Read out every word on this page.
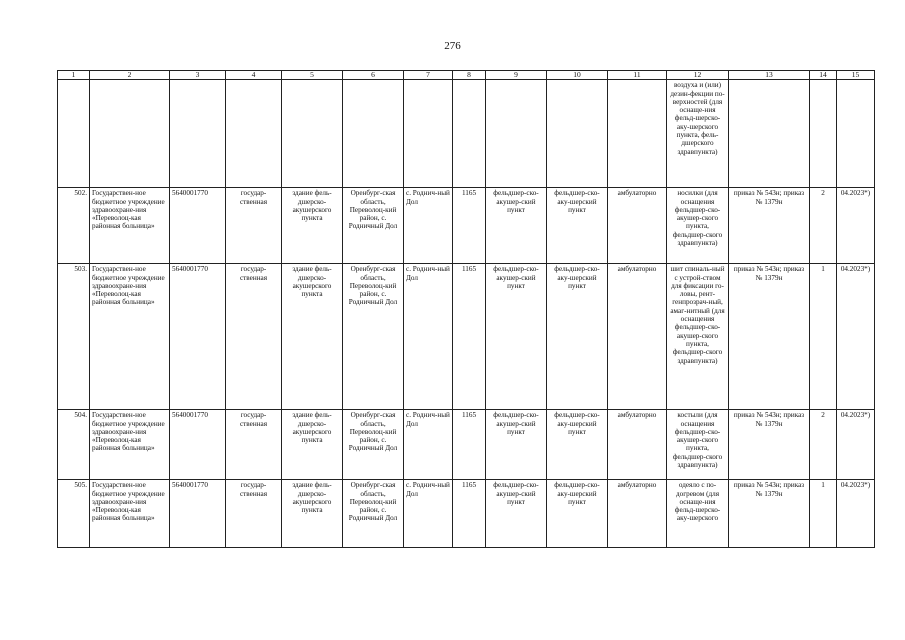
276
1	2	3	4	5	6	7	8	9	10	11	12	13	14	15
											воздуха и (или) дезин-фекции по-верхностей (для оснаще-ния фельд-шерско-аку-шерского пункта, фель-дшерского здравпункта)			
502.	Государствен-ное бюджетное учреждение здравоохране-ния «Переволоц-кая районная больница»	5640001770	государ-ственная	здание фель-дшерско-акушерского пункта	Оренбург-ская область, Переволоц-кий район, с. Родничный Дол	с. Роднич-ный Дол	1165	фельдшер-ско-акушер-ский пункт	фельдшер-ско-аку-шерский пункт	амбулаторно	носилки (для оснащения фельдшер-ско-акушер-ского пункта, фельдшер-ского здравпункта)	приказ № 543н; приказ № 1379н	2	04.2023*)
503.	Государствен-ное бюджетное учреждение здравоохране-ния «Переволоц-кая районная больница»	5640001770	государ-ственная	здание фель-дшерско-акушерского пункта	Оренбург-ская область, Переволоц-кий район, с. Родничный Дол	с. Роднич-ный Дол	1165	фельдшер-ско-акушер-ский пункт	фельдшер-ско-аку-шерский пункт	амбулаторно	шит спиналь-ный с устрой-ством для фиксации го-ловы, рент-генпрозрач-ный, амаг-нитный (для оснащения фельдшер-ско-акушер-ского пункта, фельдшер-ского здравпункта)	приказ № 543н; приказ № 1379н	1	04.2023*)
504.	Государствен-ное бюджетное учреждение здравоохране-ния «Переволоц-кая районная больница»	5640001770	государ-ственная	здание фель-дшерско-акушерского пункта	Оренбург-ская область, Переволоц-кий район, с. Родничный Дол	с. Роднич-ный Дол	1165	фельдшер-ско-акушер-ский пункт	фельдшер-ско-аку-шерский пункт	амбулаторно	костыли (для оснащения фельдшер-ско-акушер-ского пункта, фельдшер-ского здравпункта)	приказ № 543н; приказ № 1379н	2	04.2023*)
505.	Государствен-ное бюджетное учреждение здравоохране-ния «Переволоц-кая районная больница»	5640001770	государ-ственная	здание фель-дшерско-акушерского пункта	Оренбург-ская область, Переволоц-кий район, с. Родничный Дол	с. Роднич-ный Дол	1165	фельдшер-ско-акушер-ский пункт	фельдшер-ско-аку-шерский пункт	амбулаторно	одеяло с по-догревом (для оснаще-ния фельд-шерско-аку-шерского	приказ № 543н; приказ № 1379н	1	04.2023*)
